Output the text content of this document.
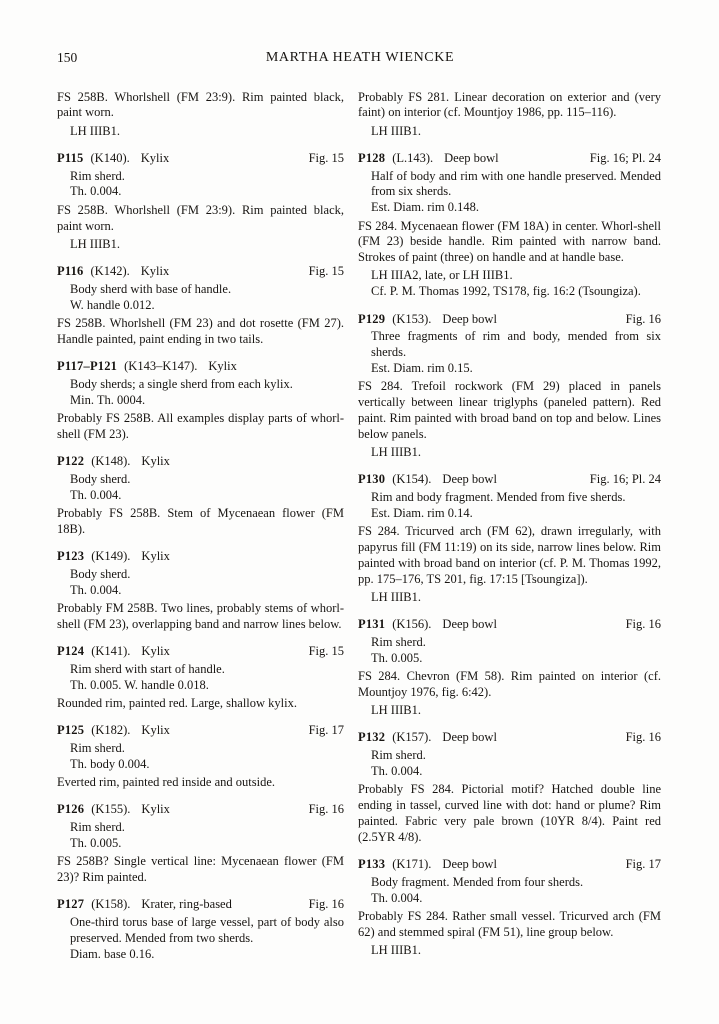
150	MARTHA HEATH WIENCKE
FS 258B. Whorlshell (FM 23:9). Rim painted black, paint worn.
LH IIIB1.
P115 (K140). Kylix	Fig. 15
Rim sherd.
Th. 0.004.
FS 258B. Whorlshell (FM 23:9). Rim painted black, paint worn.
LH IIIB1.
P116 (K142). Kylix	Fig. 15
Body sherd with base of handle.
W. handle 0.012.
FS 258B. Whorlshell (FM 23) and dot rosette (FM 27). Handle painted, paint ending in two tails.
P117–P121 (K143–K147). Kylix
Body sherds; a single sherd from each kylix.
Min. Th. 0004.
Probably FS 258B. All examples display parts of whorl-shell (FM 23).
P122 (K148). Kylix
Body sherd.
Th. 0.004.
Probably FS 258B. Stem of Mycenaean flower (FM 18B).
P123 (K149). Kylix
Body sherd.
Th. 0.004.
Probably FM 258B. Two lines, probably stems of whorl-shell (FM 23), overlapping band and narrow lines below.
P124 (K141). Kylix	Fig. 15
Rim sherd with start of handle.
Th. 0.005. W. handle 0.018.
Rounded rim, painted red. Large, shallow kylix.
P125 (K182). Kylix	Fig. 17
Rim sherd.
Th. body 0.004.
Everted rim, painted red inside and outside.
P126 (K155). Kylix	Fig. 16
Rim sherd.
Th. 0.005.
FS 258B? Single vertical line: Mycenaean flower (FM 23)? Rim painted.
P127 (K158). Krater, ring-based	Fig. 16
One-third torus base of large vessel, part of body also preserved. Mended from two sherds.
Diam. base 0.16.
Probably FS 281. Linear decoration on exterior and (very faint) on interior (cf. Mountjoy 1986, pp. 115–116).
LH IIIB1.
P128 (L.143). Deep bowl	Fig. 16; Pl. 24
Half of body and rim with one handle preserved. Mended from six sherds.
Est. Diam. rim 0.148.
FS 284. Mycenaean flower (FM 18A) in center. Whorl-shell (FM 23) beside handle. Rim painted with narrow band. Strokes of paint (three) on handle and at handle base.
LH IIIA2, late, or LH IIIB1.
Cf. P. M. Thomas 1992, TS178, fig. 16:2 (Tsoungiza).
P129 (K153). Deep bowl	Fig. 16
Three fragments of rim and body, mended from six sherds.
Est. Diam. rim 0.15.
FS 284. Trefoil rockwork (FM 29) placed in panels vertically between linear triglyphs (paneled pattern). Red paint. Rim painted with broad band on top and below. Lines below panels.
LH IIIB1.
P130 (K154). Deep bowl	Fig. 16; Pl. 24
Rim and body fragment. Mended from five sherds.
Est. Diam. rim 0.14.
FS 284. Tricurved arch (FM 62), drawn irregularly, with papyrus fill (FM 11:19) on its side, narrow lines below. Rim painted with broad band on interior (cf. P. M. Thomas 1992, pp. 175–176, TS 201, fig. 17:15 [Tsoungiza]).
LH IIIB1.
P131 (K156). Deep bowl	Fig. 16
Rim sherd.
Th. 0.005.
FS 284. Chevron (FM 58). Rim painted on interior (cf. Mountjoy 1976, fig. 6:42).
LH IIIB1.
P132 (K157). Deep bowl	Fig. 16
Rim sherd.
Th. 0.004.
Probably FS 284. Pictorial motif? Hatched double line ending in tassel, curved line with dot: hand or plume? Rim painted. Fabric very pale brown (10YR 8/4). Paint red (2.5YR 4/8).
P133 (K171). Deep bowl	Fig. 17
Body fragment. Mended from four sherds.
Th. 0.004.
Probably FS 284. Rather small vessel. Tricurved arch (FM 62) and stemmed spiral (FM 51), line group below.
LH IIIB1.
